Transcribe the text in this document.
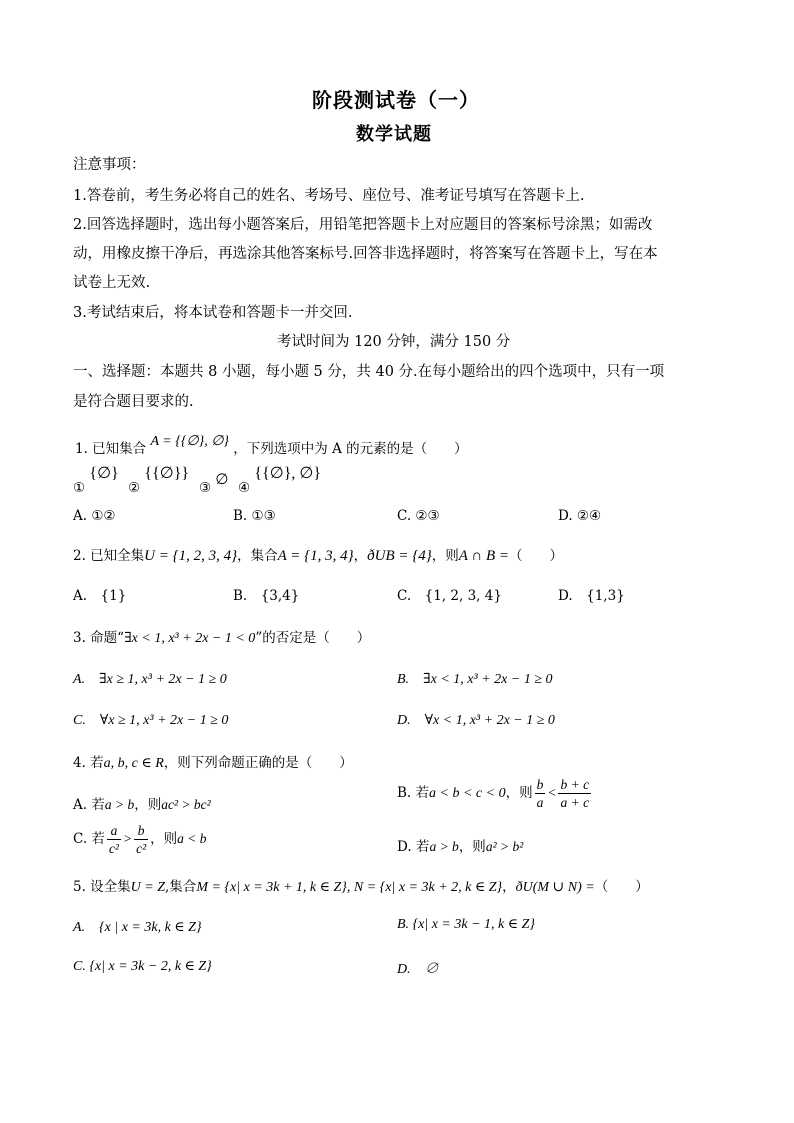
阶段测试卷（一）
数学试题
注意事项：
1.答卷前，考生务必将自己的姓名、考场号、座位号、准考证号填写在答题卡上.
2.回答选择题时，选出每小题答案后，用铅笔把答题卡上对应题目的答案标号涂黑；如需改
动，用橡皮擦干净后，再选涂其他答案标号.回答非选择题时，将答案写在答题卡上，写在本
试卷上无效.
3.考试结束后，将本试卷和答题卡一并交回.
考试时间为 120 分钟，满分 150 分
一、选择题：本题共 8 小题，每小题 5 分，共 40 分.在每小题给出的四个选项中，只有一项
是符合题目要求的.
1. 已知集合 A = {{∅}, ∅} ，下列选项中为 A 的元素的是（　　）
① {∅}
② {{∅}}
③ ∅ ④ {{∅}, ∅}
A. ①②	B. ①③	C. ②③	D. ②④
2. 已知全集U = {1, 2, 3, 4}，集合A = {1, 3, 4}，ðUB = {4}，则A ∩ B =（　　）
A.　{1}	B.　{3,4}	C.　{1, 2, 3, 4}	D.　{1,3}
3. 命题“∃x < 1, x³ + 2x − 1 < 0”的否定是（　　）
A.　∃x ≥ 1, x³ + 2x − 1 ≥ 0	B.　∃x < 1, x³ + 2x − 1 ≥ 0
C.　∀x ≥ 1, x³ + 2x − 1 ≥ 0	D.　∀x < 1, x³ + 2x − 1 ≥ 0
4. 若a, b, c ∈ R，则下列命题正确的是（　　）
A. 若a > b，则ac² > bc²
B. 若a < b < c < 0，则 $\frac{b}{a} < \frac{b + c}{a + c}$
C. 若 $\frac{a}{\text{c²}} > \frac{b}{\text{c²}}$ ，则a < b
D. 若a > b，则a² > b²
5. 设全集U = Z,集合M = {x| x = 3k + 1, k ∈ Z}, N = {x| x = 3k + 2, k ∈ Z}，ðU(M ∪ N) =（　　）
A.　{x | x = 3k, k ∈ Z}	B. {x| x = 3k − 1, k ∈ Z}
C. {x| x = 3k − 2, k ∈ Z}	D.　∅
